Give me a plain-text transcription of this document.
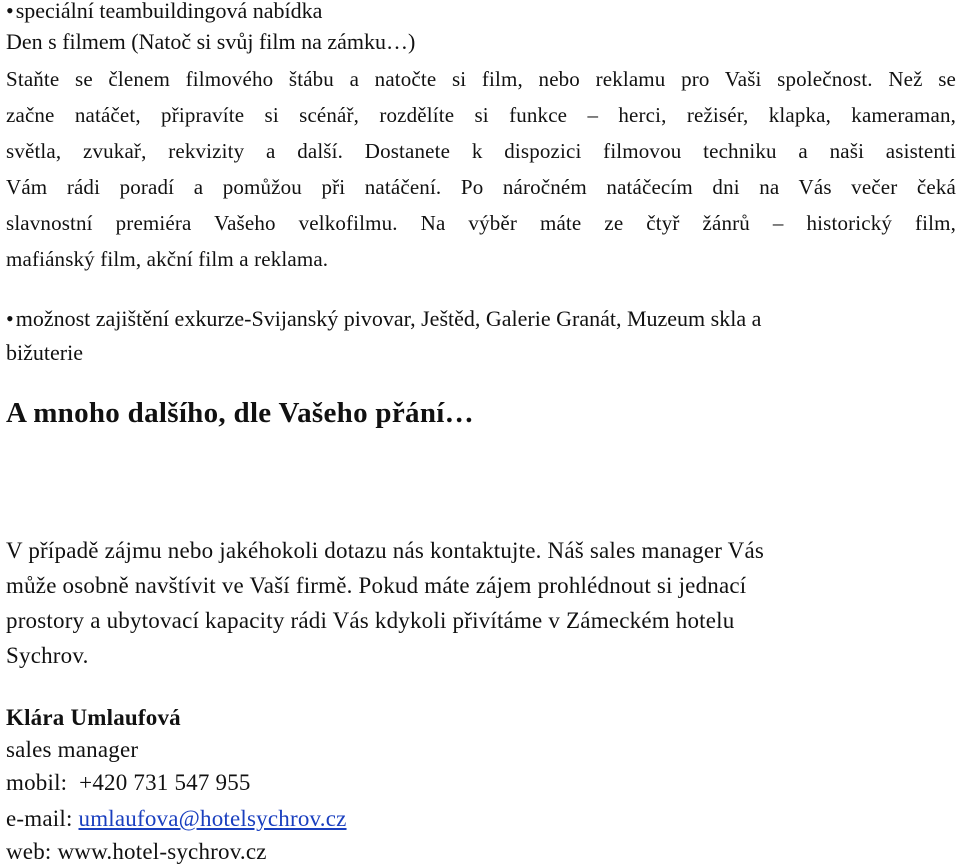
•speciální teambuildingová nabídka
Den s filmem (Natoč si svůj film na zámku…)
Staňte se členem filmového štábu a natočte si film, nebo reklamu pro Vaši společnost. Než se
začne natáčet, připravíte si scénář, rozdělíte si funkce – herci, režisér, klapka, kameraman,
světla, zvukař, rekvizity a další. Dostanete k dispozici filmovou techniku a naši asistenti
Vám rádi poradí a pomůžou při natáčení. Po náročném natáčecím dni na Vás večer čeká
slavnostní premiéra Vašeho velkofilmu. Na výběr máte ze čtyř žánrů – historický film,
mafiánský film, akční film a reklama.
•možnost zajištění exkurze-Svijanský pivovar, Ještěd, Galerie Granát, Muzeum skla a
bižuterie
A mnoho dalšího, dle Vašeho přání…
V případě zájmu nebo jakéhokoli dotazu nás kontaktujte. Náš sales manager Vás
může osobně navštívit ve Vaší firmě. Pokud máte zájem prohlédnout si jednací
prostory a ubytovací kapacity rádi Vás kdykoli přivítáme v Zámeckém hotelu
Sychrov.
Klára Umlaufová
sales manager
mobil: +420 731 547 955
e-mail: umlaufova@hotelsychrov.cz
web: www.hotel-sychrov.cz
